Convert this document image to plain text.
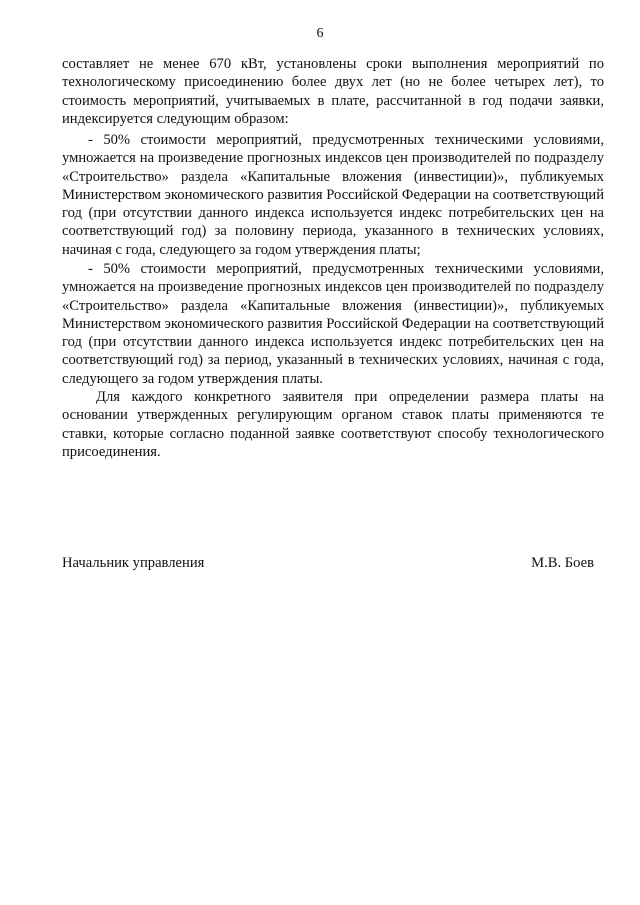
6

составляет не менее 670 кВт, установлены сроки выполнения мероприятий по технологическому присоединению более двух лет (но не более четырех лет), то стоимость мероприятий, учитываемых в плате, рассчитанной в год подачи заявки, индексируется следующим образом:

- 50% стоимости мероприятий, предусмотренных техническими условиями, умножается на произведение прогнозных индексов цен производителей по подразделу «Строительство» раздела «Капитальные вложения (инвестиции)», публикуемых Министерством экономического развития Российской Федерации на соответствующий год (при отсутствии данного индекса используется индекс потребительских цен на соответствующий год) за половину периода, указанного в технических условиях, начиная с года, следующего за годом утверждения платы;

- 50% стоимости мероприятий, предусмотренных техническими условиями, умножается на произведение прогнозных индексов цен производителей по подразделу «Строительство» раздела «Капитальные вложения (инвестиции)», публикуемых Министерством экономического развития Российской Федерации на соответствующий год (при отсутствии данного индекса используется индекс потребительских цен на соответствующий год) за период, указанный в технических условиях, начиная с года, следующего за годом утверждения платы.

Для каждого конкретного заявителя при определении размера платы на основании утвержденных регулирующим органом ставок платы применяются те ставки, которые согласно поданной заявке соответствуют способу технологического присоединения.

Начальник управления	М.В. Боев
